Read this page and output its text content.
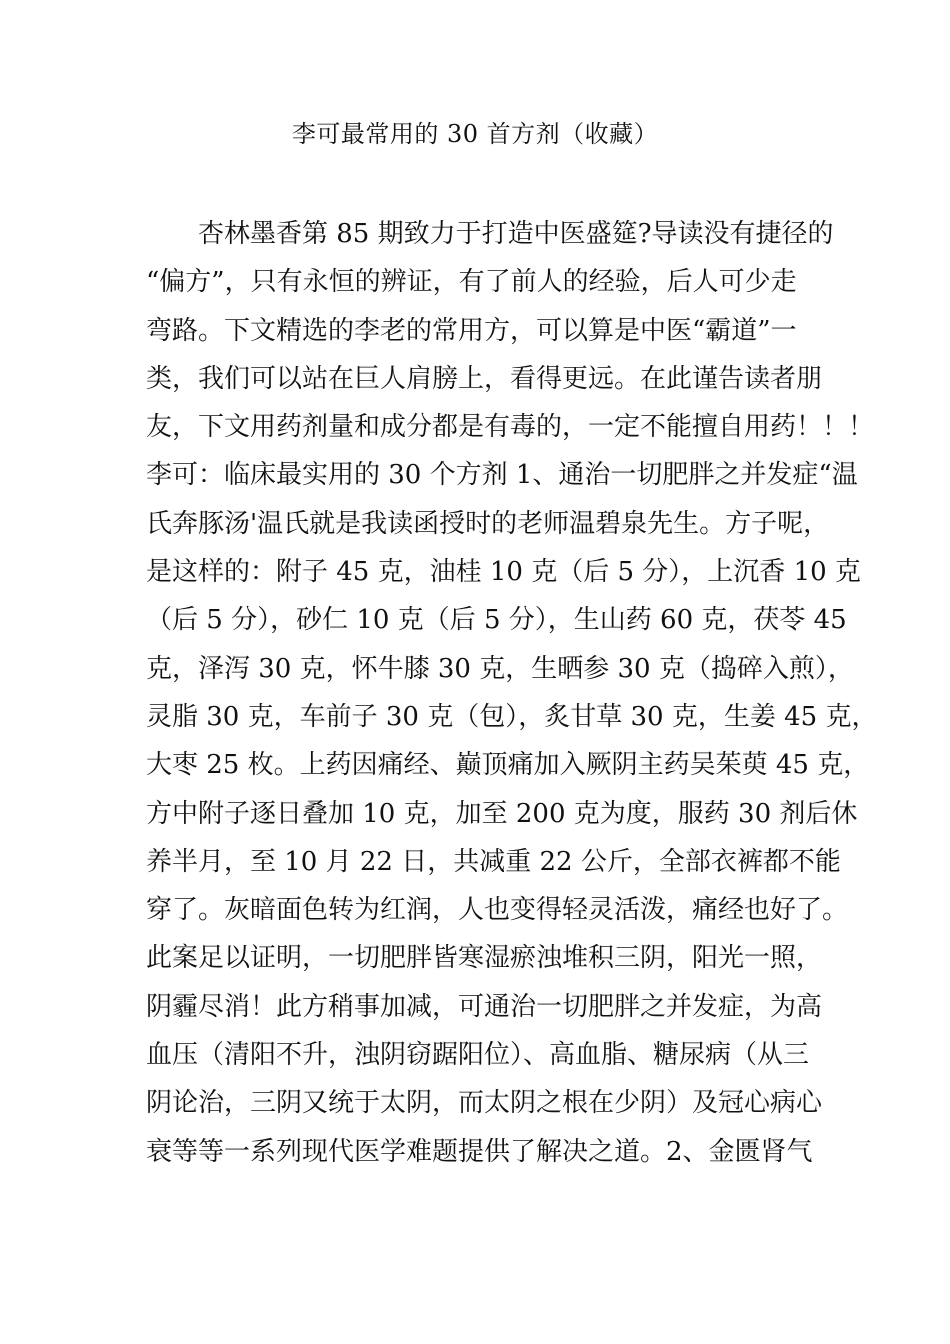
李可最常用的 30 首方剂（收藏）
杏林墨香第 85 期致力于打造中医盛筵?导读没有捷径的
“偏方”，只有永恒的辨证，有了前人的经验，后人可少走
弯路。下文精选的李老的常用方，可以算是中医“霸道”一
类，我们可以站在巨人肩膀上，看得更远。在此谨告读者朋
友，下文用药剂量和成分都是有毒的，一定不能擅自用药！！！
李可：临床最实用的 30 个方剂 1、通治一切肥胖之并发症“温
氏奔豚汤'温氏就是我读函授时的老师温碧泉先生。方子呢，
是这样的：附子 45 克，油桂 10 克（后 5 分），上沉香 10 克
（后 5 分），砂仁 10 克（后 5 分），生山药 60 克，茯苓 45
克，泽泻 30 克，怀牛膝 30 克，生晒参 30 克（捣碎入煎），
灵脂 30 克，车前子 30 克（包），炙甘草 30 克，生姜 45 克，
大枣 25 枚。上药因痛经、巅顶痛加入厥阴主药吴茱萸 45 克，
方中附子逐日叠加 10 克，加至 200 克为度，服药 30 剂后休
养半月，至 10 月 22 日，共减重 22 公斤，全部衣裤都不能
穿了。灰暗面色转为红润，人也变得轻灵活泼，痛经也好了。
此案足以证明，一切肥胖皆寒湿瘀浊堆积三阴，阳光一照，
阴霾尽消！此方稍事加减，可通治一切肥胖之并发症，为高
血压（清阳不升，浊阴窃踞阳位）、高血脂、糖尿病（从三
阴论治，三阴又统于太阴，而太阴之根在少阴）及冠心病心
衰等等一系列现代医学难题提供了解决之道。2、金匮肾气
